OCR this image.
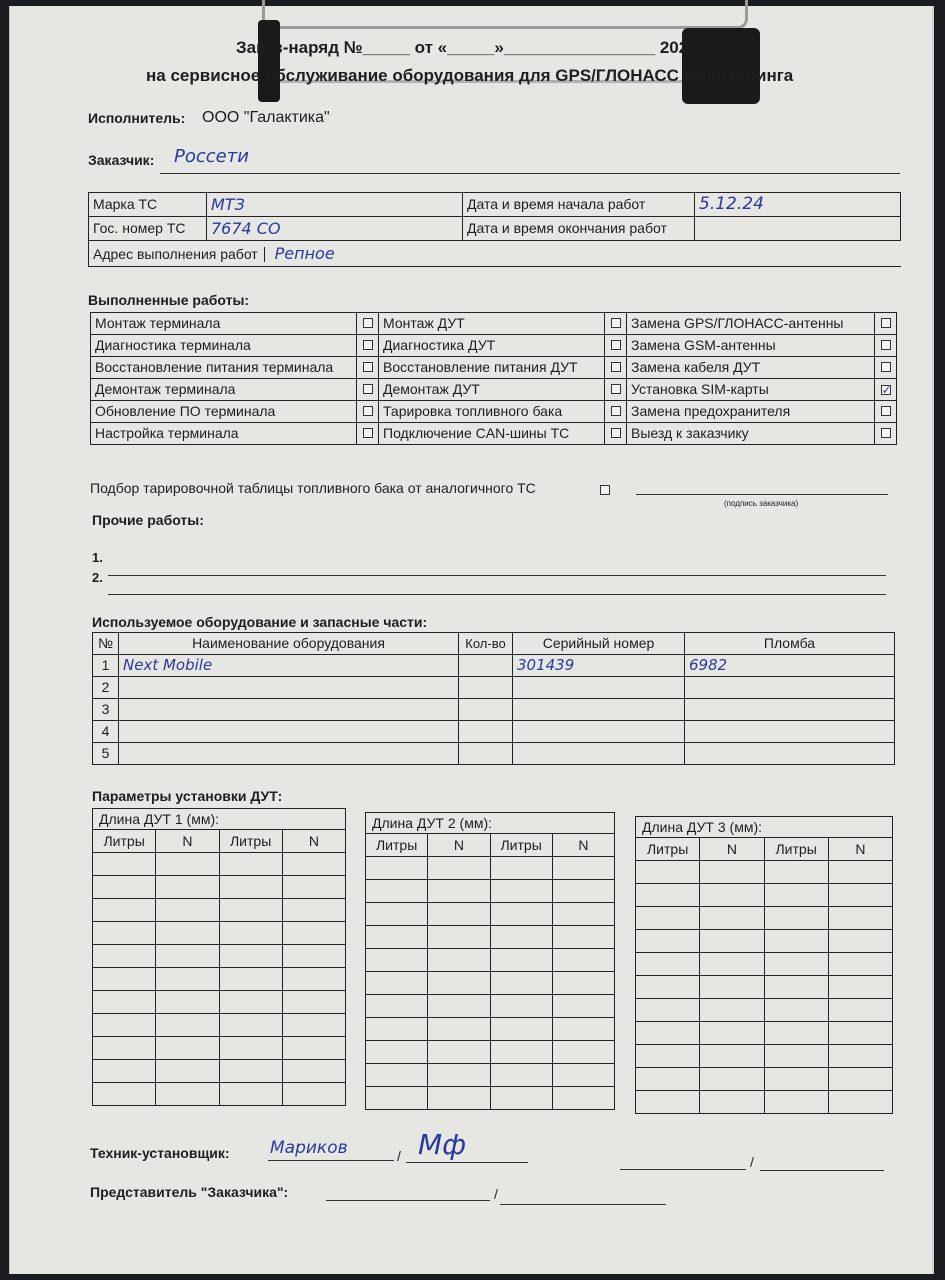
Заказ-наряд №_____ от «_____»________________ 2024
на сервисное обслуживание оборудования для GPS/ГЛОНАСС мониторинга
Исполнитель: ООО "Галактика"
Заказчик: Россети
Марка ТС	МТЗ	Дата и время начала работ	5.12.24
Гос. номер ТС	7674 СО	Дата и время окончания работ	
Адрес выполнения работ Репное			
Выполненные работы:
Монтаж терминала		Монтаж ДУТ		Замена GPS/ГЛОНАСС-антенны	
Диагностика терминала		Диагностика ДУТ		Замена GSM-антенны	
Восстановление питания терминала		Восстановление питания ДУТ		Замена кабеля ДУТ	
Демонтаж терминала		Демонтаж ДУТ		Установка SIM-карты	✓
Обновление ПО терминала		Тарировка топливного бака		Замена предохранителя	
Настройка терминала		Подключение CAN-шины ТС		Выезд к заказчику	
Подбор тарировочной таблицы топливного бака от аналогичного ТС
(подпись заказчика)
Прочие работы:
1.
2.
Используемое оборудование и запасные части:
№	Наименование оборудования	Кол-во	Серийный номер	Пломба
1	Next Mobile		301439	6982
2				
3				
4				
5				
Параметры установки ДУТ:
Длина ДУТ 1 (мм):			
Литры	N	Литры	N

Длина ДУТ 2 (мм):			
Литры	N	Литры	N

Длина ДУТ 3 (мм):			
Литры	N	Литры	N

Техник-установщик: Мариков	/ Мф
/
Представитель "Заказчика":	/
